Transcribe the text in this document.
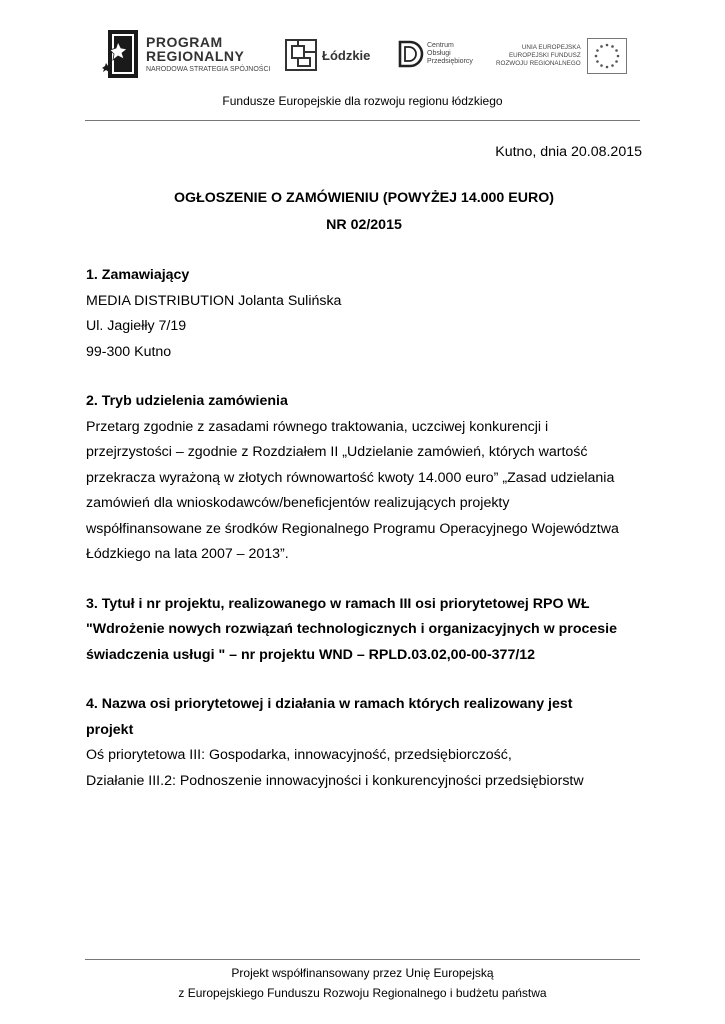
PROGRAM
REGIONALNY
NARODOWA STRATEGIA SPÓJNOŚCI
Łódzkie
Centrum
Obsługi
Przedsiębiorcy
UNIA EUROPEJSKA
EUROPEJSKI FUNDUSZ
ROZWOJU REGIONALNEGO
Fundusze Europejskie dla rozwoju regionu łódzkiego
Kutno, dnia 20.08.2015
OGŁOSZENIE O ZAMÓWIENIU (POWYŻEJ 14.000 EURO)
NR 02/2015

1. Zamawiający

MEDIA DISTRIBUTION Jolanta Sulińska

Ul. Jagiełły 7/19

99-300 Kutno

2. Tryb udzielenia zamówienia

Przetarg zgodnie z zasadami równego traktowania, uczciwej konkurencji i

przejrzystości – zgodnie z Rozdziałem II „Udzielanie zamówień, których wartość

przekracza wyrażoną w złotych równowartość kwoty 14.000 euro” „Zasad udzielania

zamówień dla wnioskodawców/beneficjentów realizujących projekty

współfinansowane ze środków Regionalnego Programu Operacyjnego Województwa

Łódzkiego na lata 2007 – 2013”.

3. Tytuł i nr projektu, realizowanego w ramach III osi priorytetowej RPO WŁ

"Wdrożenie nowych rozwiązań technologicznych i organizacyjnych w procesie

świadczenia usługi " – nr projektu WND – RPLD.03.02,00-00-377/12

4. Nazwa osi priorytetowej i działania w ramach których realizowany jest

projekt

Oś priorytetowa III: Gospodarka, innowacyjność, przedsiębiorczość,

Działanie III.2: Podnoszenie innowacyjności i konkurencyjności przedsiębiorstw

Projekt współfinansowany przez Unię Europejską

z Europejskiego Funduszu Rozwoju Regionalnego i budżetu państwa
